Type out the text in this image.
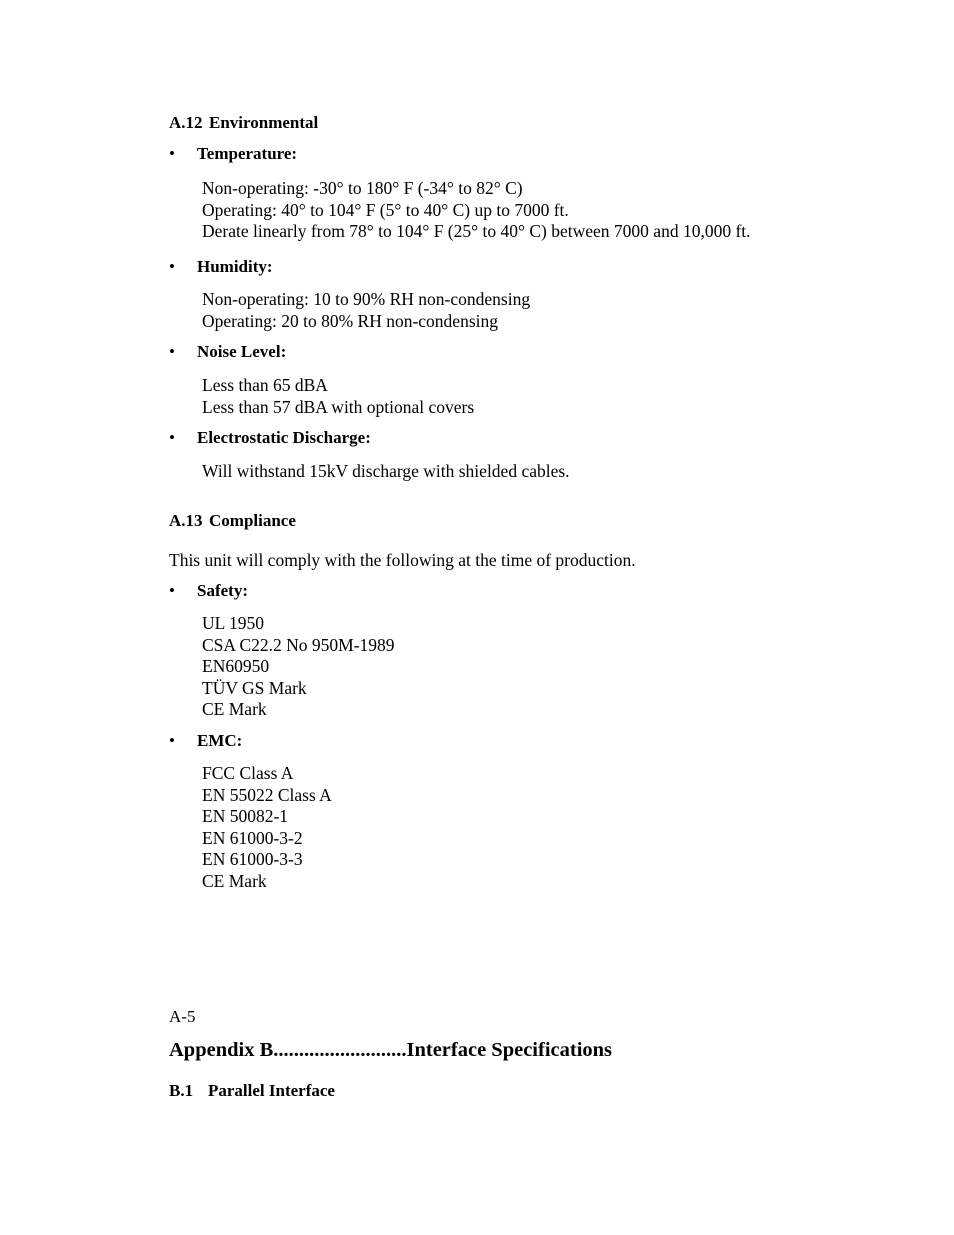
A.12 Environmental
• Temperature:
Non-operating: -30° to 180° F (-34° to 82° C)
Operating: 40° to 104° F (5° to 40° C) up to 7000 ft.
Derate linearly from 78° to 104° F (25° to 40° C) between 7000 and 10,000 ft.
• Humidity:
Non-operating: 10 to 90% RH non-condensing
Operating: 20 to 80% RH non-condensing
• Noise Level:
Less than 65 dBA
Less than 57 dBA with optional covers
• Electrostatic Discharge:
Will withstand 15kV discharge with shielded cables.
A.13 Compliance
This unit will comply with the following at the time of production.
• Safety:
UL 1950
CSA C22.2 No 950M-1989
EN60950
TÜV GS Mark
CE Mark
• EMC:
FCC Class A
EN 55022 Class A
EN 50082-1
EN 61000-3-2
EN 61000-3-3
CE Mark
A-5
Appendix B..........................Interface Specifications
B.1 Parallel Interface
